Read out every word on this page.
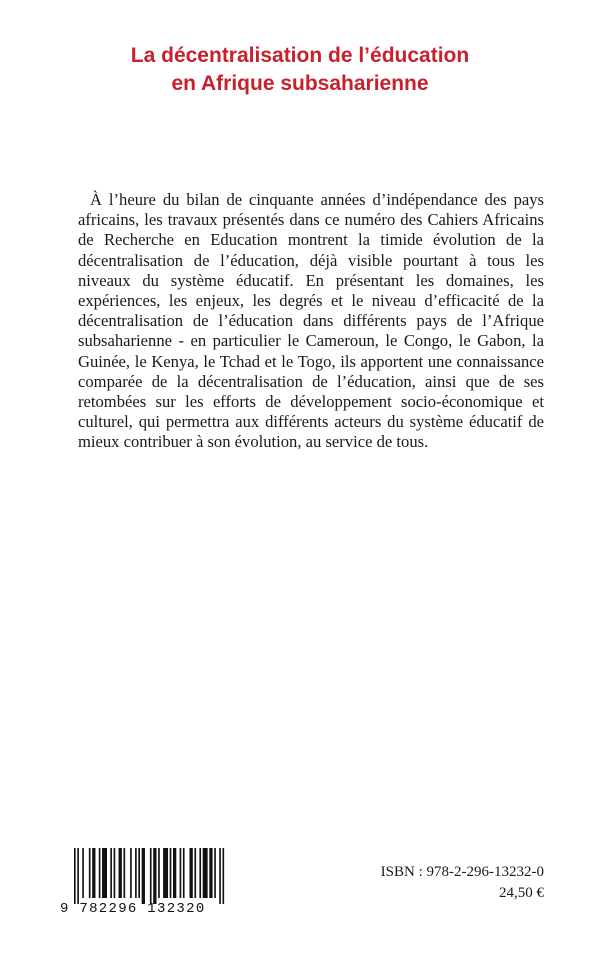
La décentralisation de l’éducation
en Afrique subsaharienne

À l’heure du bilan de cinquante années d’indépendance des pays africains, les travaux présentés dans ce numéro des Cahiers Africains de Recherche en Education montrent la timide évolution de la décentralisation de l’éducation, déjà visible pourtant à tous les niveaux du système éducatif. En présentant les domaines, les expériences, les enjeux, les degrés et le niveau d’efficacité de la décentralisation de l’éducation dans différents pays de l’Afrique subsaharienne - en particulier le Cameroun, le Congo, le Gabon, la Guinée, le Kenya, le Tchad et le Togo, ils apportent une connaissance comparée de la décentralisation de l’éducation, ainsi que de ses retombées sur les efforts de développement socio-économique et culturel, qui permettra aux différents acteurs du système éducatif de mieux contribuer à son évolution, au service de tous.

9 782296 132320
ISBN : 978-2-296-13232-0
24,50 €
